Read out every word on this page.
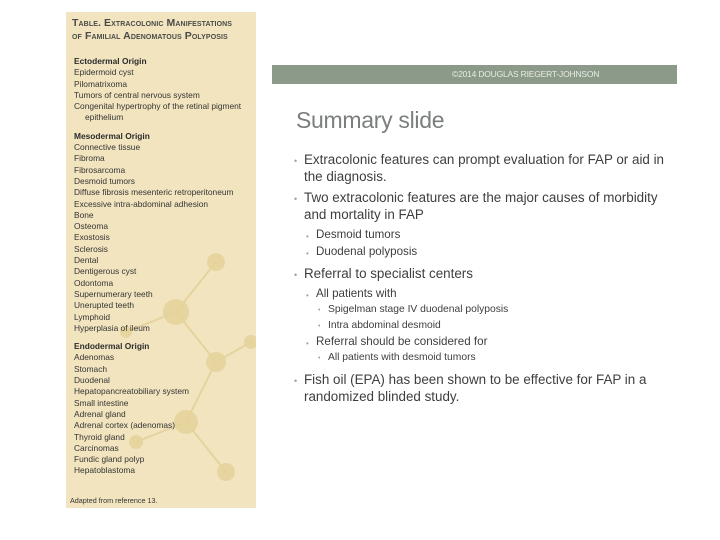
Table. Extracolonic Manifestations
of Familial Adenomatous Polyposis
Ectodermal Origin
Epidermoid cyst
Pilomatrixoma
Tumors of central nervous system
Congenital hypertrophy of the retinal pigment
epithelium
Mesodermal Origin
Connective tissue
Fibroma
Fibrosarcoma
Desmoid tumors
Diffuse fibrosis mesenteric retroperitoneum
Excessive intra-abdominal adhesion
Bone
Osteoma
Exostosis
Sclerosis
Dental
Dentigerous cyst
Odontoma
Supernumerary teeth
Unerupted teeth
Lymphoid
Hyperplasia of ileum
Endodermal Origin
Adenomas
Stomach
Duodenal
Hepatopancreatobiliary system
Small intestine
Adrenal gland
Adrenal cortex (adenomas)
Thyroid gland
Carcinomas
Fundic gland polyp
Hepatoblastoma
Adapted from reference 13.
©2014 DOUGLAS RIEGERT-JOHNSON
Summary slide
• Extracolonic features can prompt evaluation for FAP or aid in the diagnosis.
• Two extracolonic features are the major causes of morbidity and mortality in FAP
• Desmoid tumors
• Duodenal polyposis
• Referral to specialist centers
• All patients with
• Spigelman stage IV duodenal polyposis
• Intra abdominal desmoid
• Referral should be considered for
• All patients with desmoid tumors
• Fish oil (EPA) has been shown to be effective for FAP in a randomized blinded study.
